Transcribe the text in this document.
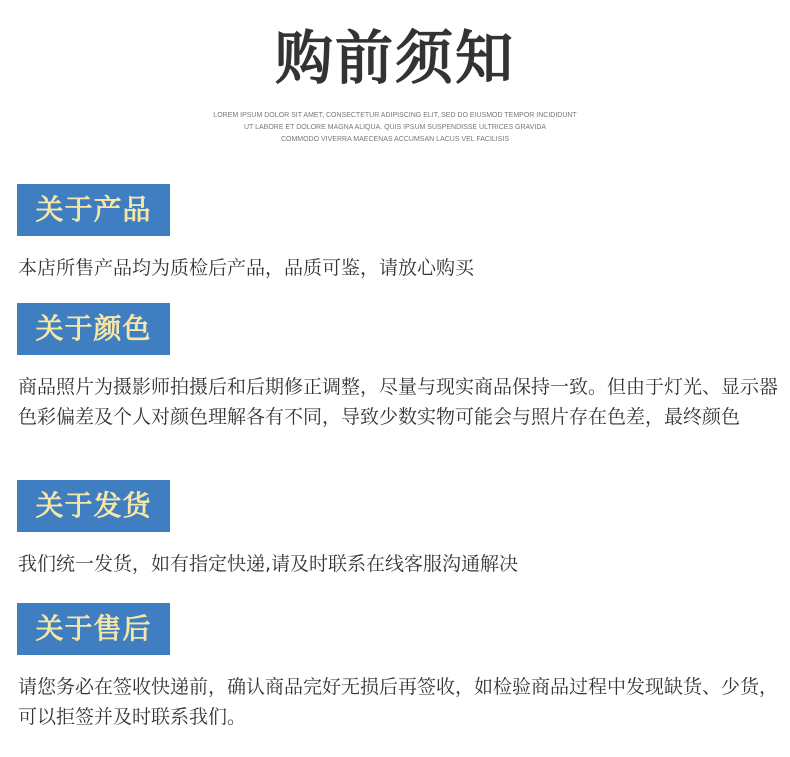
购前须知
LOREM IPSUM DOLOR SIT AMET, CONSECTETUR ADIPISCING ELIT, SED DO EIUSMOD TEMPOR INCIDIDUNT
UT LABORE ET DOLORE MAGNA ALIQUA. QUIS IPSUM SUSPENDISSE ULTRICES GRAVIDA
COMMODO VIVERRA MAECENAS ACCUMSAN LACUS VEL FACILISIS
关于产品
本店所售产品均为质检后产品，品质可鉴，请放心购买
关于颜色
商品照片为摄影师拍摄后和后期修正调整，尽量与现实商品保持一致。但由于灯光、显示器色彩偏差及个人对颜色理解各有不同，导致少数实物可能会与照片存在色差，最终颜色
关于发货
我们统一发货，如有指定快递,请及时联系在线客服沟通解决
关于售后
请您务必在签收快递前，确认商品完好无损后再签收，如检验商品过程中发现缺货、少货，可以拒签并及时联系我们。
